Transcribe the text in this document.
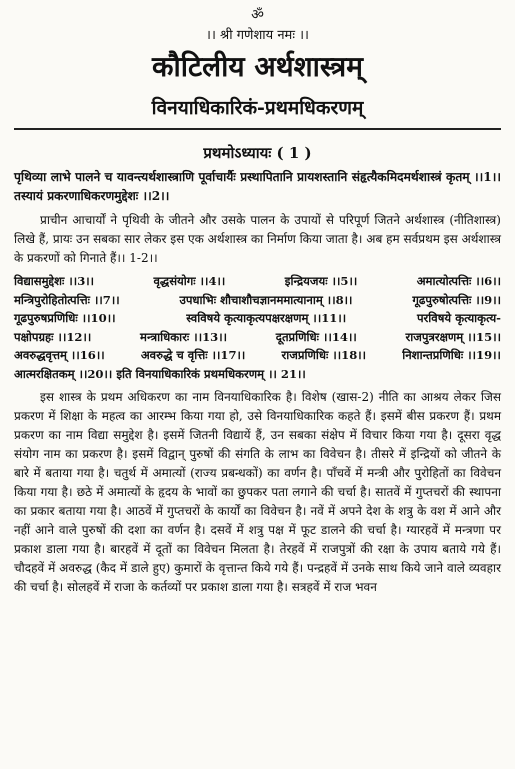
ॐ
।। श्री गणेशाय नमः ।।
कौटिलीय अर्थशास्त्रम्
विनयाधिकारिकं-प्रथमधिकरणम्
प्रथमोऽध्यायः ( 1 )
पृथिव्या लाभे पालने च यावन्त्यर्थशास्त्राणि पूर्वाचार्यैः प्रस्थापितानि प्रायशस्तानि संहृत्यैकमिदमर्थशास्त्रं कृतम् ।।1।। तस्यायं प्रकरणाधिकरणमुद्देशः ।।2।।
प्राचीन आचार्यों ने पृथिवी के जीतने और उसके पालन के उपायों से परिपूर्ण जितने अर्थशास्त्र (नीतिशास्त्र) लिखे हैं, प्रायः उन सबका सार लेकर इस एक अर्थशास्त्र का निर्माण किया जाता है। अब हम सर्वप्रथम इस अर्थशास्त्र के प्रकरणों को गिनाते हैं।। 1-2।।
विद्यासमुद्देशः ।।3।।	वृद्धसंयोगः ।।4।।	इन्द्रियजयः ।।5।।	अमात्योत्पत्तिः ।।6।।
मन्त्रिपुरोहितोत्पत्तिः ।।7।।	उपधाभिः शौचाशौचज्ञानममात्यानाम् ।।8।।	गूढपुरुषोत्पत्तिः ।।9।।
गूढपुरुषप्रणिधिः ।।10।।	स्वविषये कृत्याकृत्यपक्षरक्षणम् ।।11।।	परविषये कृत्याकृत्य-
पक्षोपग्रहः ।।12।।	मन्त्राधिकारः ।।13।।	दूतप्रणिधिः ।।14।।	राजपुत्ररक्षणम् ।।15।।
अवरुद्धवृत्तम् ।।16।।	अवरुद्धे च वृत्तिः ।।17।।	राजप्रणिधिः ।।18।।	निशान्तप्रणिधिः ।।19।।
आत्मरक्षितकम् ।।20।। इति विनयाधिकारिकं प्रथमधिकरणम् ।। 21।।
इस शास्त्र के प्रथम अधिकरण का नाम विनयाधिकारिक है। विशेष (खास-2) नीति का आश्रय लेकर जिस प्रकरण में शिक्षा के महत्व का आरम्भ किया गया हो, उसे विनयाधिकारिक कहते हैं। इसमें बीस प्रकरण हैं। प्रथम प्रकरण का नाम विद्या समुद्देश है। इसमें जितनी विद्यायें हैं, उन सबका संक्षेप में विचार किया गया है। दूसरा वृद्ध संयोग नाम का प्रकरण है। इसमें विद्वान् पुरुषों की संगति के लाभ का विवेचन है। तीसरे में इन्द्रियों को जीतने के बारे में बताया गया है। चतुर्थ में अमात्यों (राज्य प्रबन्धकों) का वर्णन है। पाँचवें में मन्त्री और पुरोहितों का विवेचन किया गया है। छठे में अमात्यों के हृदय के भावों का छुपकर पता लगाने की चर्चा है। सातवें में गुप्तचरों की स्थापना का प्रकार बताया गया है। आठवें में गुप्तचरों के कार्यों का विवेचन है। नवें में अपने देश के शत्रु के वश में आने और नहीं आने वाले पुरुषों की दशा का वर्णन है। दसवें में शत्रु पक्ष में फूट डालने की चर्चा है। ग्यारहवें में मन्त्रणा पर प्रकाश डाला गया है। बारहवें में दूतों का विवेचन मिलता है। तेरहवें में राजपुत्रों की रक्षा के उपाय बताये गये हैं। चौदहवें में अवरुद्ध (कैद में डाले हुए) कुमारों के वृत्तान्त किये गये हैं। पन्द्रहवें में उनके साथ किये जाने वाले व्यवहार की चर्चा है। सोलहवें में राजा के कर्तव्यों पर प्रकाश डाला गया है। सत्रहवें में राज भवन
